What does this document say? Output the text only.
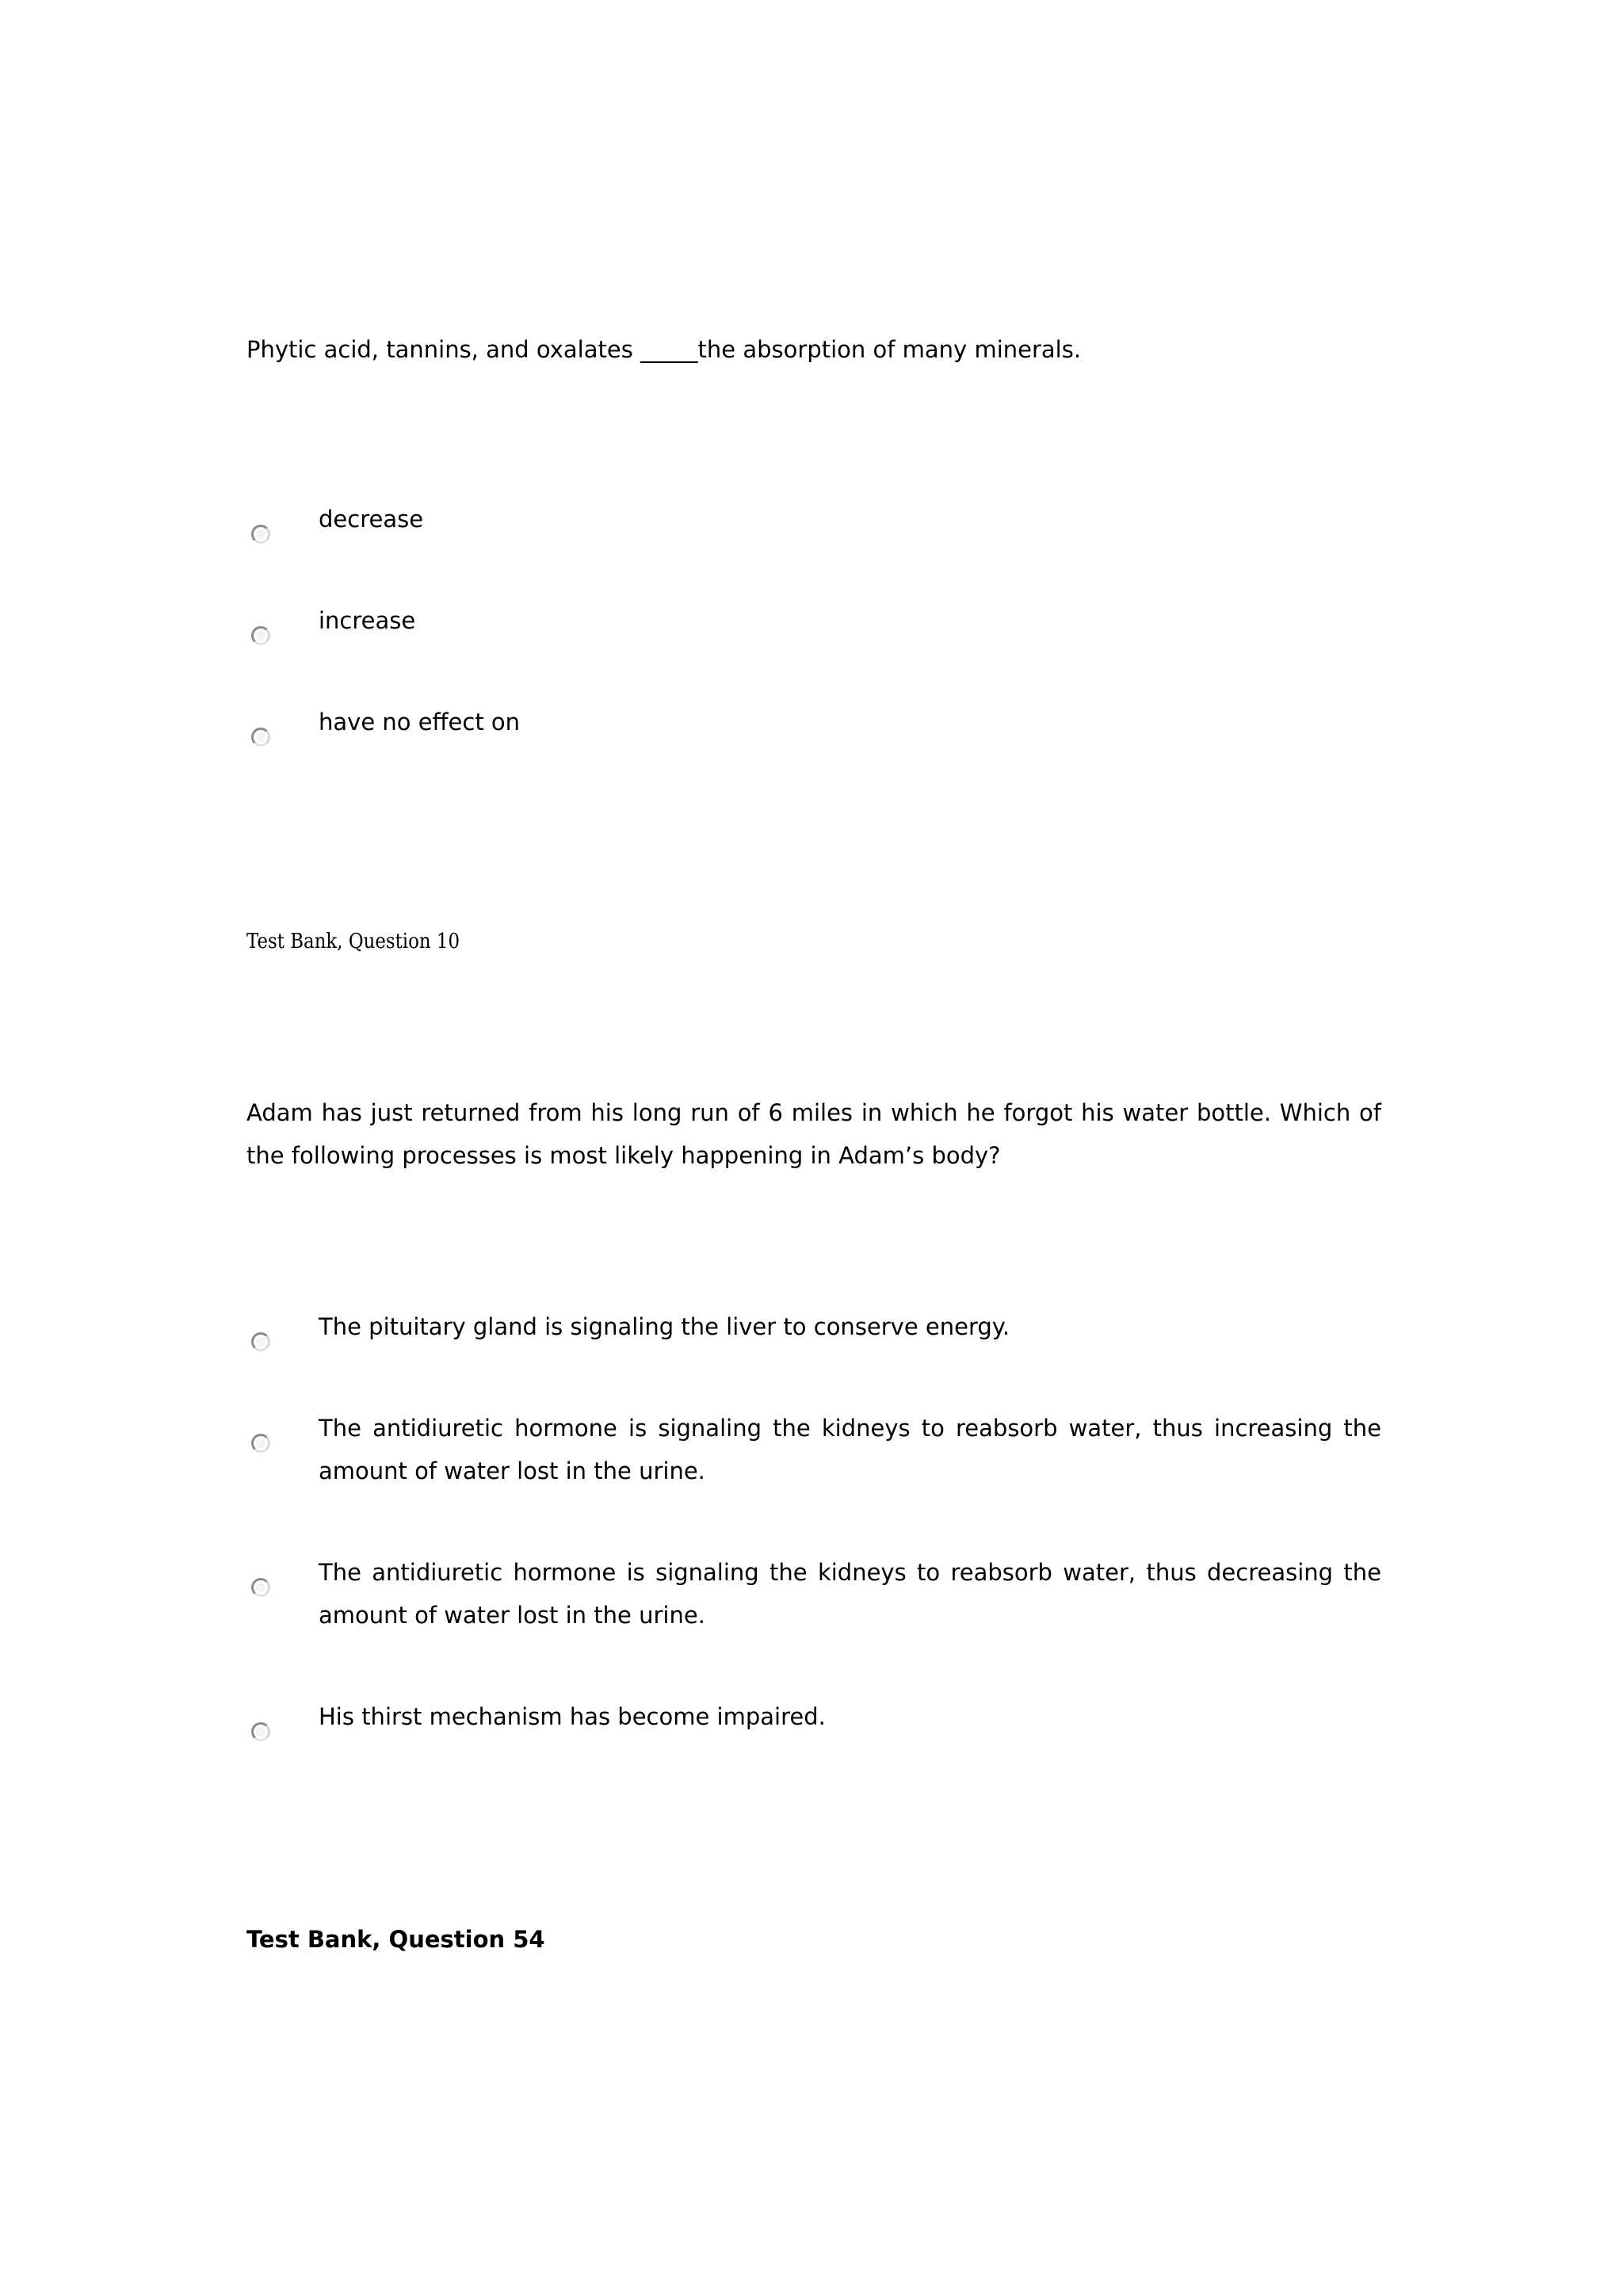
Phytic acid, tannins, and oxalates _____the absorption of many minerals.

decrease
increase
have no effect on
Test Bank, Question 10

Adam has just returned from his long run of 6 miles in which he forgot his water bottle. Which of the following processes is most likely happening in Adam’s body?

The pituitary gland is signaling the liver to conserve energy.
The antidiuretic hormone is signaling the kidneys to reabsorb water, thus increasing the amount of water lost in the urine.
The antidiuretic hormone is signaling the kidneys to reabsorb water, thus decreasing the amount of water lost in the urine.
His thirst mechanism has become impaired.
Test Bank, Question 54
